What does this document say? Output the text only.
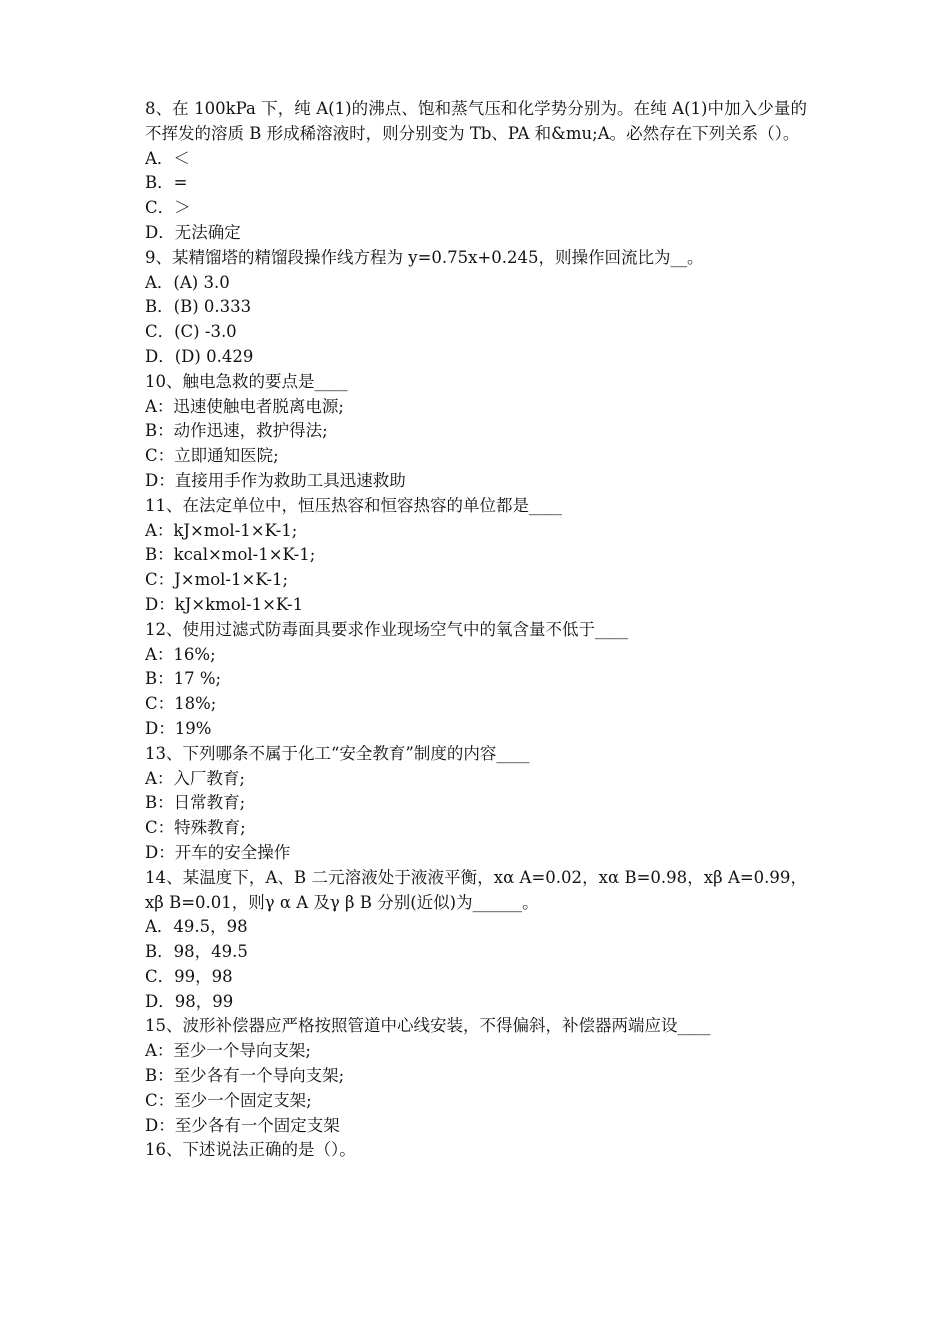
8、在 100kPa 下，纯 A(1)的沸点、饱和蒸气压和化学势分别为。在纯 A(1)中加入少量的不挥发的溶质 B 形成稀溶液时，则分别变为 Tb、PA 和&mu;A。必然存在下列关系（）。
A．＜
B．=
C．＞
D．无法确定
9、某精馏塔的精馏段操作线方程为 y=0.75x+0.245，则操作回流比为__。
A．(A) 3.0
B．(B) 0.333
C．(C) -3.0
D．(D) 0.429
10、触电急救的要点是____
A：迅速使触电者脱离电源;
B：动作迅速，救护得法;
C：立即通知医院;
D：直接用手作为救助工具迅速救助
11、在法定单位中，恒压热容和恒容热容的单位都是____
A：kJ×mol-1×K-1;
B：kcal×mol-1×K-1;
C：J×mol-1×K-1;
D：kJ×kmol-1×K-1
12、使用过滤式防毒面具要求作业现场空气中的氧含量不低于____
A：16%;
B：17 %;
C：18%;
D：19%
13、下列哪条不属于化工“安全教育”制度的内容____
A：入厂教育;
B：日常教育;
C：特殊教育;
D：开车的安全操作
14、某温度下，A、B 二元溶液处于液液平衡，xα A=0.02，xα B=0.98，xβ A=0.99，xβ B=0.01，则γ α A 及γ β B 分别(近似)为______。
A．49.5，98
B．98，49.5
C．99，98
D．98，99
15、波形补偿器应严格按照管道中心线安装，不得偏斜，补偿器两端应设____
A：至少一个导向支架;
B：至少各有一个导向支架;
C：至少一个固定支架;
D：至少各有一个固定支架
16、下述说法正确的是（）。
